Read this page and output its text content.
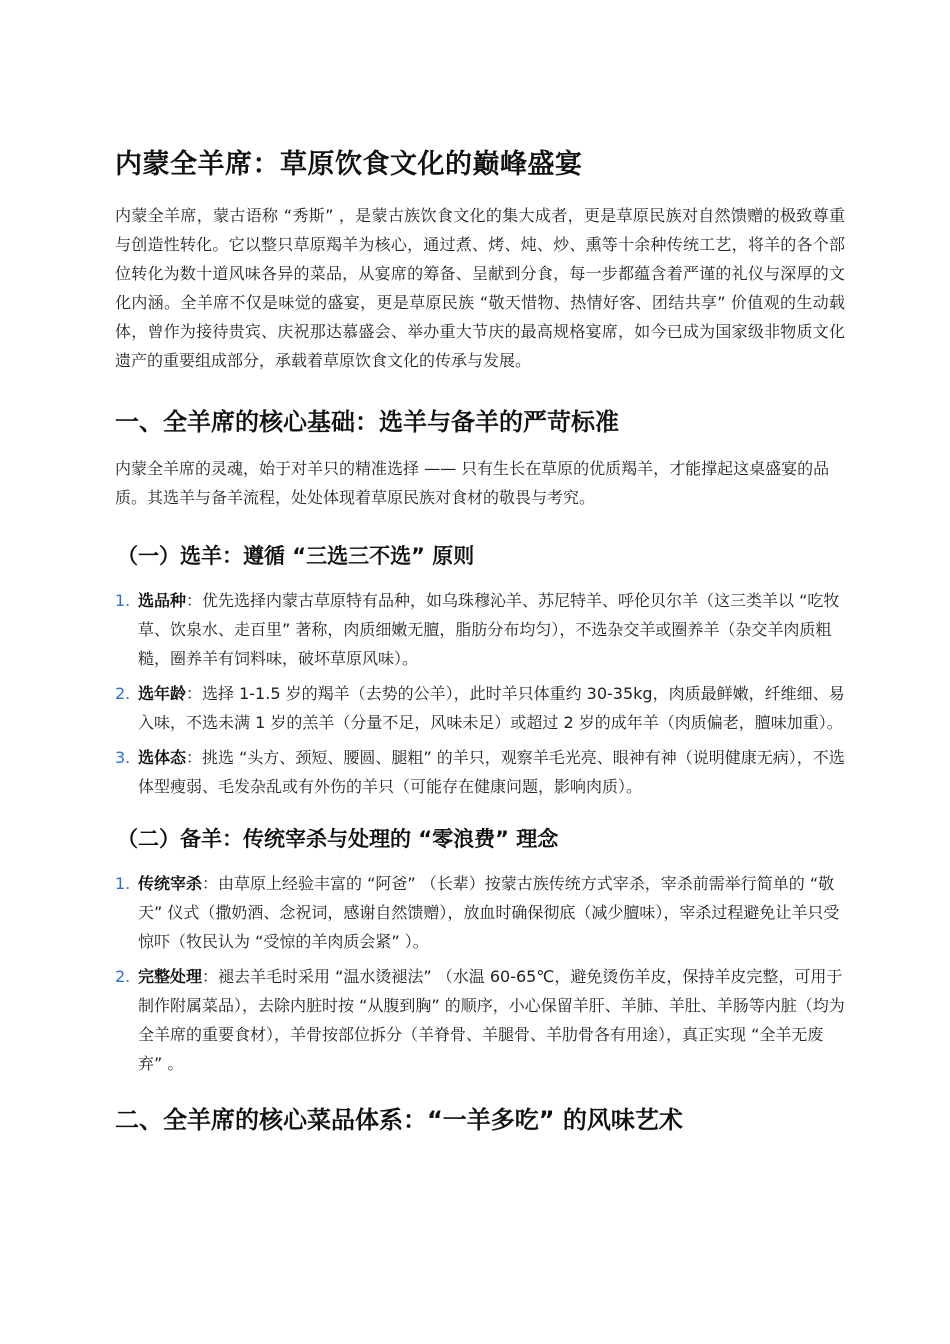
内蒙全羊席：草原饮食文化的巅峰盛宴

内蒙全羊席，蒙古语称 “秀斯” ，是蒙古族饮食文化的集大成者，更是草原民族对自然馈赠的极致尊重与创造性转化。它以整只草原羯羊为核心，通过煮、烤、炖、炒、熏等十余种传统工艺，将羊的各个部位转化为数十道风味各异的菜品，从宴席的筹备、呈献到分食，每一步都蕴含着严谨的礼仪与深厚的文化内涵。全羊席不仅是味觉的盛宴，更是草原民族 “敬天惜物、热情好客、团结共享” 价值观的生动载体，曾作为接待贵宾、庆祝那达慕盛会、举办重大节庆的最高规格宴席，如今已成为国家级非物质文化遗产的重要组成部分，承载着草原饮食文化的传承与发展。

一、全羊席的核心基础：选羊与备羊的严苛标准

内蒙全羊席的灵魂，始于对羊只的精准选择 —— 只有生长在草原的优质羯羊，才能撑起这桌盛宴的品质。其选羊与备羊流程，处处体现着草原民族对食材的敬畏与考究。

（一）选羊：遵循 “三选三不选” 原则
1. 选品种：优先选择内蒙古草原特有品种，如乌珠穆沁羊、苏尼特羊、呼伦贝尔羊（这三类羊以 “吃牧草、饮泉水、走百里” 著称，肉质细嫩无膻，脂肪分布均匀），不选杂交羊或圈养羊（杂交羊肉质粗糙，圈养羊有饲料味，破坏草原风味）。
2. 选年龄：选择 1-1.5 岁的羯羊（去势的公羊），此时羊只体重约 30-35kg，肉质最鲜嫩，纤维细、易入味，不选未满 1 岁的羔羊（分量不足，风味未足）或超过 2 岁的成年羊（肉质偏老，膻味加重）。
3. 选体态：挑选 “头方、颈短、腰圆、腿粗” 的羊只，观察羊毛光亮、眼神有神（说明健康无病），不选体型瘦弱、毛发杂乱或有外伤的羊只（可能存在健康问题，影响肉质）。
（二）备羊：传统宰杀与处理的 “零浪费” 理念
1. 传统宰杀：由草原上经验丰富的 “阿爸” （长辈）按蒙古族传统方式宰杀，宰杀前需举行简单的 “敬天” 仪式（撒奶酒、念祝词，感谢自然馈赠），放血时确保彻底（减少膻味），宰杀过程避免让羊只受惊吓（牧民认为 “受惊的羊肉质会紧” ）。
2. 完整处理：褪去羊毛时采用 “温水烫褪法” （水温 60-65℃，避免烫伤羊皮，保持羊皮完整，可用于制作附属菜品），去除内脏时按 “从腹到胸” 的顺序，小心保留羊肝、羊肺、羊肚、羊肠等内脏（均为全羊席的重要食材），羊骨按部位拆分（羊脊骨、羊腿骨、羊肋骨各有用途），真正实现 “全羊无废弃” 。
二、全羊席的核心菜品体系：“一羊多吃” 的风味艺术
